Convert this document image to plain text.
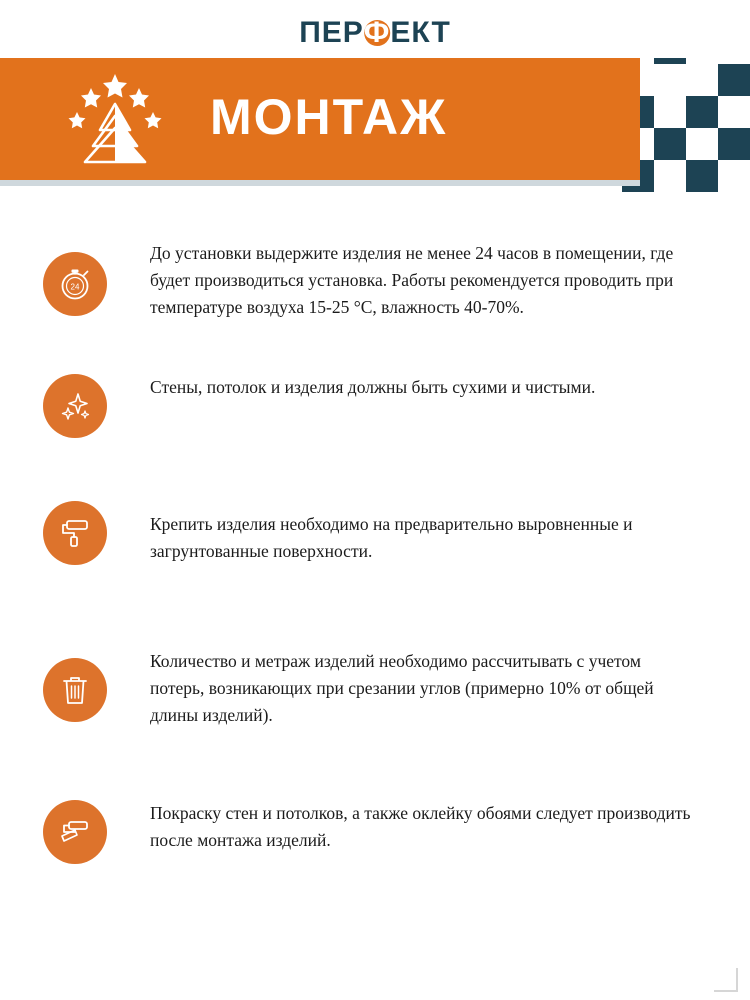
ПЕРФЕКТ
МОНТАЖ
24
До установки выдержите изделия не менее 24 часов в помещении, где будет производиться установка. Работы рекомендуется проводить при температуре воздуха 15-25 °C, влажность 40-70%.
Стены, потолок и изделия должны быть сухими и чистыми.
Крепить изделия необходимо на предварительно выровненные и загрунтованные поверхности.
Количество и метраж изделий необходимо рассчитывать с учетом потерь, возникающих при срезании углов (примерно 10% от общей длины изделий).
Покраску стен и потолков, а также оклейку обоями следует производить после монтажа изделий.
